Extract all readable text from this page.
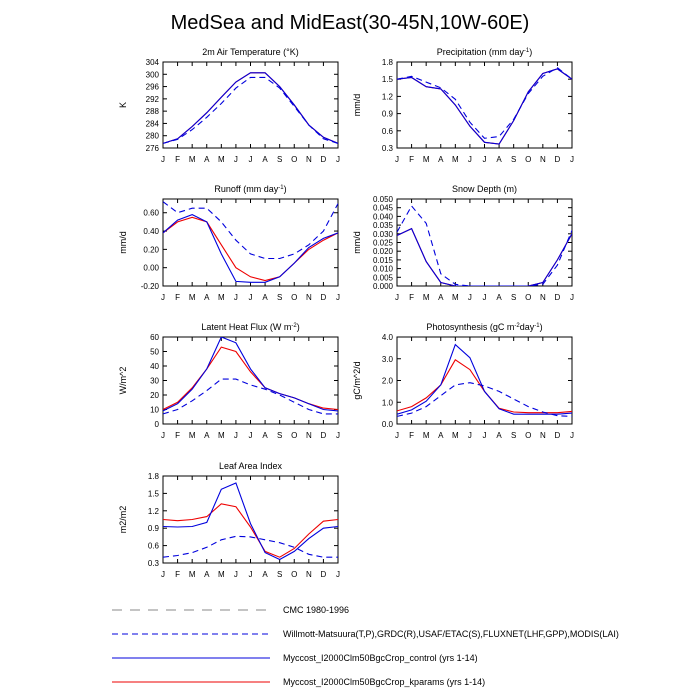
MedSea and MidEast(30-45N,10W-60E)
J F M A M J J A S O N D J
276
280
284
288
292
296
300
304
2m Air Temperature (°K)
K
J F M A M J J A S O N D J
0.3
0.6
0.9
1.2
1.5
1.8
Precipitation (mm day$^{-1}$)
mm/d
J F M A M J J A S O N D J
-0.20
0.00
0.20
0.40
0.60
Runoff (mm day$^{-1}$)
mm/d
J F M A M J J A S O N D J
0.000
0.005
0.010
0.015
0.020
0.025
0.030
0.035
0.040
0.045
0.050
Snow Depth (m)
mm/d
J F M A M J J A S O N D J
0
10
20
30
40
50
60
Latent Heat Flux (W $m^{-2}$)
W/m^2
J F M A M J J A S O N D J
0.0
1.0
2.0
3.0
4.0
Photosynthesis (gC $m^{-2}day^{-1}$)
gC/m^2/d
J F M A M J J A S O N D J
0.3
0.6
0.9
1.2
1.5
1.8
Leaf Area Index
m2/m2
CMC 1980-1996
Willmott-Matsuura(T,P),GRDC(R),USAF/ETAC(S),FLUXNET(LHF,GPP),MODIS(LAI)
Myccost_I2000Clm50BgcCrop_control (yrs 1-14)
Myccost_I2000Clm50BgcCrop_kparams (yrs 1-14)
